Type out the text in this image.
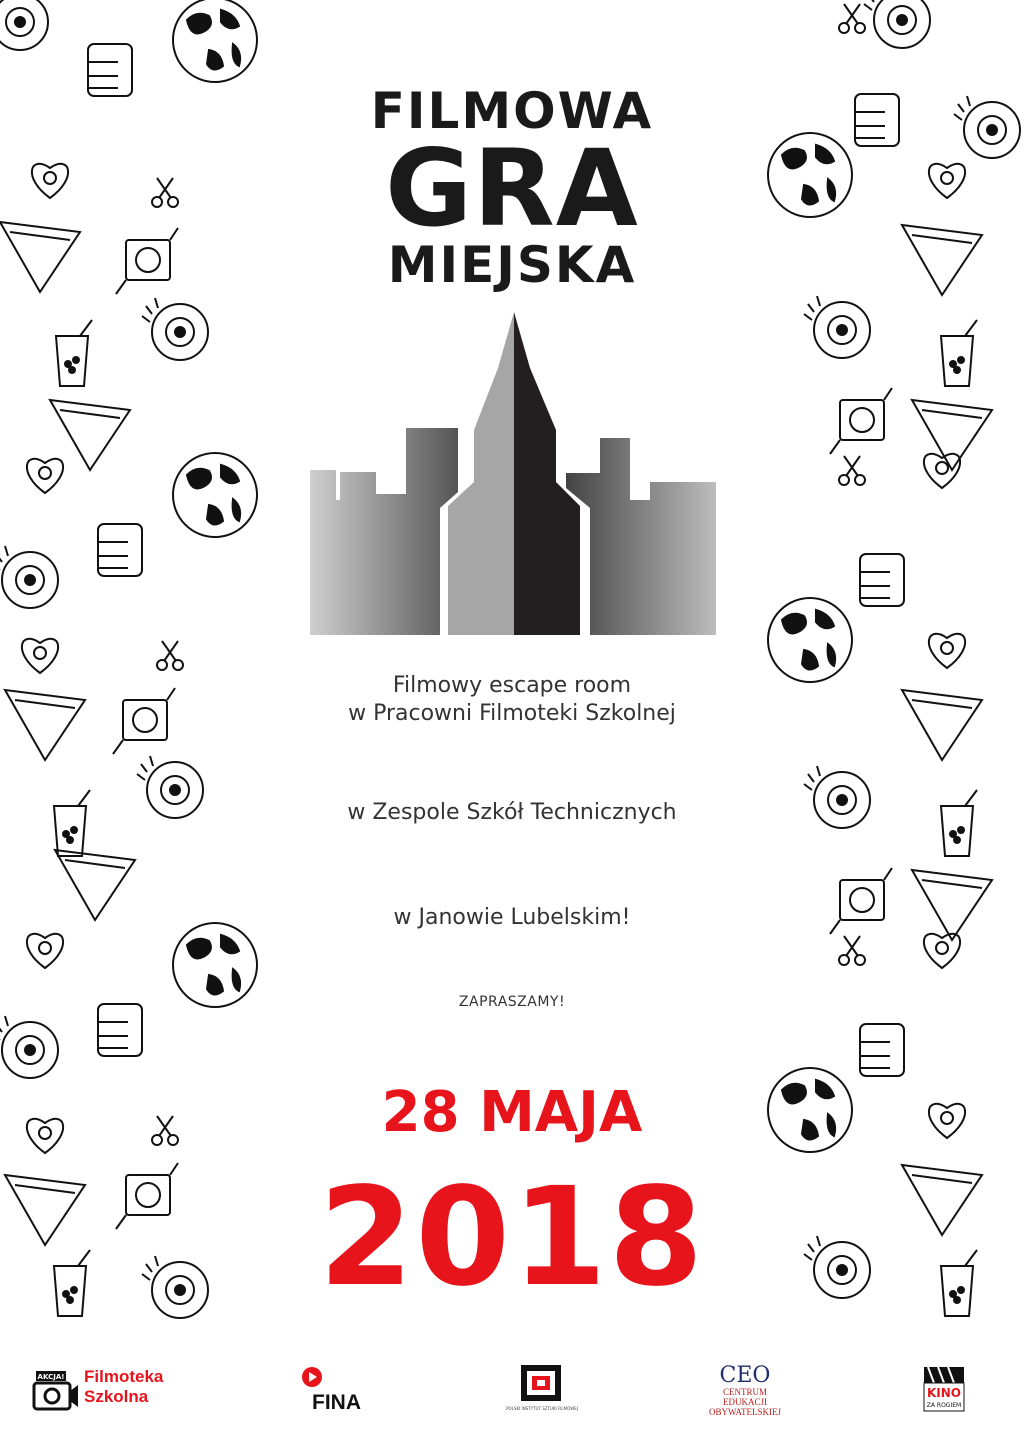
FILMOWA
GRA
MIEJSKA
Filmowy escape room
w Pracowni Filmoteki Szkolnej
w Zespole Szkół Technicznych
w Janowie Lubelskim!
ZAPRASZAMY!
28 MAJA
2018
AKCJA! Filmoteka
Szkolna	FINA	POLSKI INSTYTUT SZTUKI FILMOWEJ
CEO
CENTRUM EDUKACJI
OBYWATELSKIEJ
KINO
ZA ROGIEM
